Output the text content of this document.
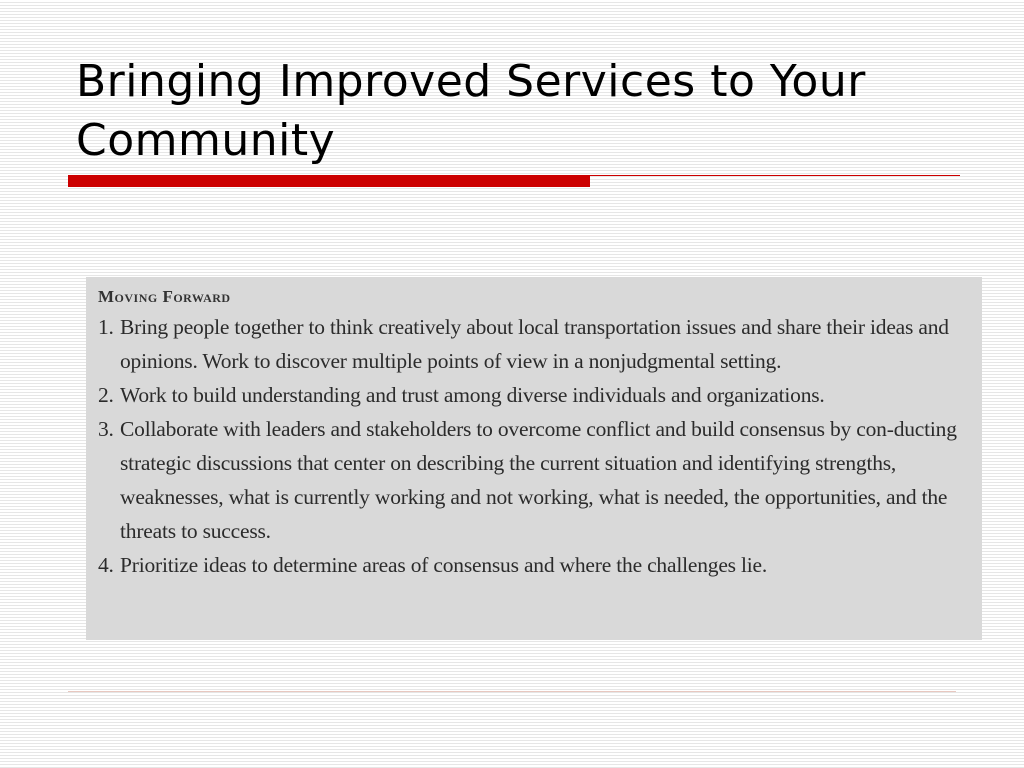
Bringing Improved Services to Your Community
Moving Forward
1. Bring people together to think creatively about local transportation issues and share their ideas and opinions. Work to discover multiple points of view in a nonjudgmental setting.
2. Work to build understanding and trust among diverse individuals and organizations.
3. Collaborate with leaders and stakeholders to overcome conflict and build consensus by con-ducting strategic discussions that center on describing the current situation and identifying strengths, weaknesses, what is currently working and not working, what is needed, the opportunities, and the threats to success.
4. Prioritize ideas to determine areas of consensus and where the challenges lie.
